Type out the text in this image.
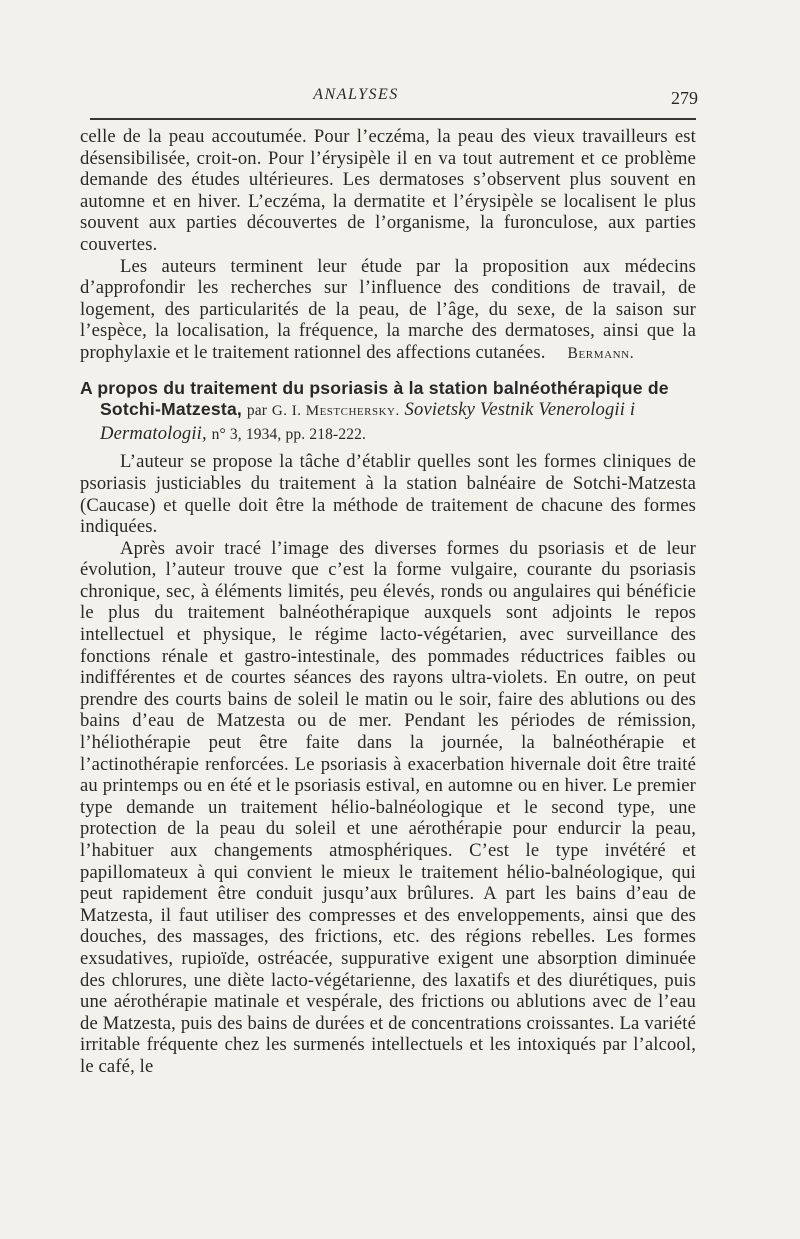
ANALYSES	279

celle de la peau accoutumée. Pour l’eczéma, la peau des vieux travailleurs est désensibilisée, croit-on. Pour l’érysipèle il en va tout autrement et ce problème demande des études ultérieures. Les dermatoses s’observent plus souvent en automne et en hiver. L’eczéma, la dermatite et l’érysipèle se localisent le plus souvent aux parties découvertes de l’organisme, la furonculose, aux parties couvertes.

Les auteurs terminent leur étude par la proposition aux médecins d’approfondir les recherches sur l’influence des conditions de travail, de logement, des particularités de la peau, de l’âge, du sexe, de la saison sur l’espèce, la localisation, la fréquence, la marche des dermatoses, ainsi que la prophylaxie et le traitement rationnel des affections cutanées. Bermann.

A propos du traitement du psoriasis à la station balnéothérapique de
Sotchi-Matzesta, par G. I. Mestchersky. Sovietsky Vestnik Venerologii i
Dermatologii, n° 3, 1934, pp. 218-222.

L’auteur se propose la tâche d’établir quelles sont les formes cliniques de psoriasis justiciables du traitement à la station balnéaire de Sotchi-Matzesta (Caucase) et quelle doit être la méthode de traitement de chacune des formes indiquées.

Après avoir tracé l’image des diverses formes du psoriasis et de leur évolution, l’auteur trouve que c’est la forme vulgaire, courante du psoriasis chronique, sec, à éléments limités, peu élevés, ronds ou angulaires qui bénéficie le plus du traitement balnéothérapique auxquels sont adjoints le repos intellectuel et physique, le régime lacto-végétarien, avec surveillance des fonctions rénale et gastro-intestinale, des pommades réductrices faibles ou indifférentes et de courtes séances des rayons ultra-violets. En outre, on peut prendre des courts bains de soleil le matin ou le soir, faire des ablutions ou des bains d’eau de Matzesta ou de mer. Pendant les périodes de rémission, l’héliothérapie peut être faite dans la journée, la balnéothérapie et l’actinothérapie renforcées. Le psoriasis à exacerbation hivernale doit être traité au printemps ou en été et le psoriasis estival, en automne ou en hiver. Le premier type demande un traitement hélio-balnéologique et le second type, une protection de la peau du soleil et une aérothérapie pour endurcir la peau, l’habituer aux changements atmosphériques. C’est le type invétéré et papillomateux à qui convient le mieux le traitement hélio-balnéologique, qui peut rapidement être conduit jusqu’aux brûlures. A part les bains d’eau de Matzesta, il faut utiliser des compresses et des enveloppements, ainsi que des douches, des massages, des frictions, etc. des régions rebelles. Les formes exsudatives, rupioïde, ostréacée, suppurative exigent une absorption diminuée des chlorures, une diète lacto-végétarienne, des laxatifs et des diurétiques, puis une aérothérapie matinale et vespérale, des frictions ou ablutions avec de l’eau de Matzesta, puis des bains de durées et de concentrations croissantes. La variété irritable fréquente chez les surmenés intellectuels et les intoxiqués par l’alcool, le café, le
